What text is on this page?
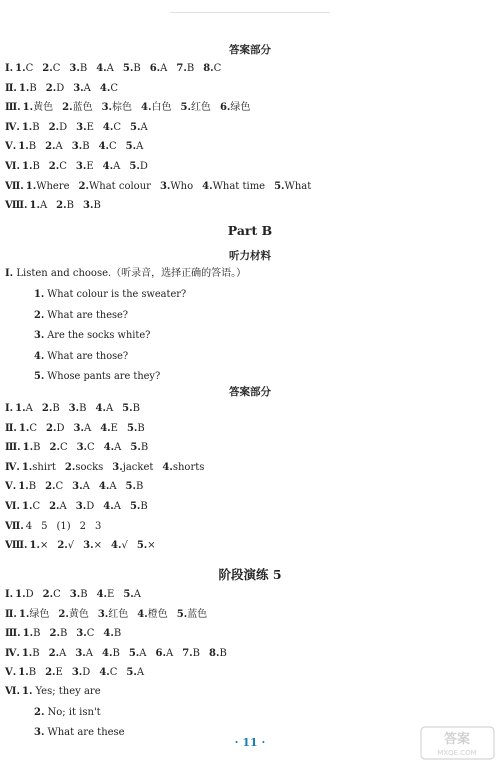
答案部分
Ⅰ. 1.C 2.C 3.B 4.A 5.B 6.A 7.B 8.C
Ⅱ. 1.B 2.D 3.A 4.C
Ⅲ. 1.黄色 2.蓝色 3.棕色 4.白色 5.红色 6.绿色
Ⅳ. 1.B 2.D 3.E 4.C 5.A
Ⅴ. 1.B 2.A 3.B 4.C 5.A
Ⅵ. 1.B 2.C 3.E 4.A 5.D
Ⅶ. 1.Where 2.What colour 3.Who 4.What time 5.What
Ⅷ. 1.A 2.B 3.B
Part B
听力材料
Ⅰ. Listen and choose.（听录音，选择正确的答语。）
1. What colour is the sweater?
2. What are these?
3. Are the socks white?
4. What are those?
5. Whose pants are they?
答案部分
Ⅰ. 1.A 2.B 3.B 4.A 5.B
Ⅱ. 1.C 2.D 3.A 4.E 5.B
Ⅲ. 1.B 2.C 3.C 4.A 5.B
Ⅳ. 1.shirt 2.socks 3.jacket 4.shorts
Ⅴ. 1.B 2.C 3.A 4.A 5.B
Ⅵ. 1.C 2.A 3.D 4.A 5.B
Ⅶ. 4 5 (1) 2 3
Ⅷ. 1.× 2.√ 3.× 4.√ 5.×
阶段演练 5
Ⅰ. 1.D 2.C 3.B 4.E 5.A
Ⅱ. 1.绿色 2.黄色 3.红色 4.橙色 5.蓝色
Ⅲ. 1.B 2.B 3.C 4.B
Ⅳ. 1.B 2.A 3.A 4.B 5.A 6.A 7.B 8.B
Ⅴ. 1.B 2.E 3.D 4.C 5.A
2. No; it isn't
3. What are these
Ⅵ. 1. Yes; they are
· 11 ·	答案
MXQE.COM
